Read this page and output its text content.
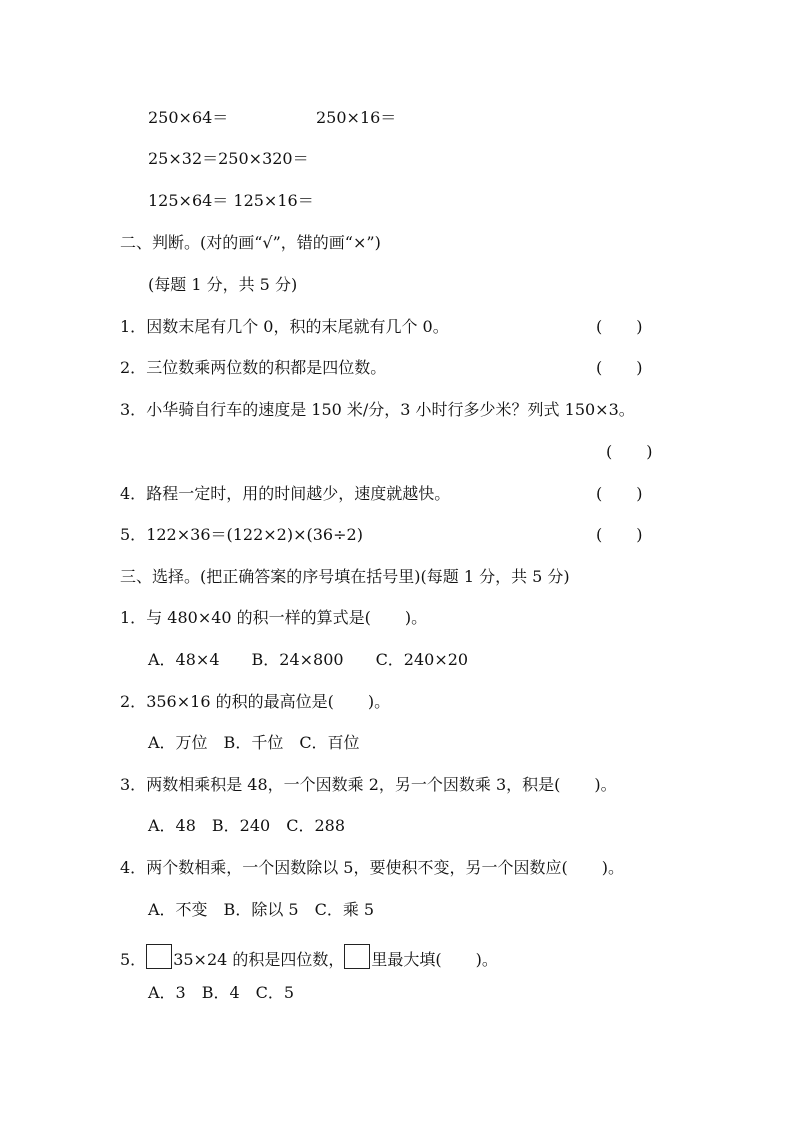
250×64＝	250×16＝
25×32＝250×320＝
125×64＝ 125×16＝
二、判断。(对的画“√”，错的画“×”)
(每题 1 分，共 5 分)
1．因数末尾有几个 0，积的末尾就有几个 0。	( )
2．三位数乘两位数的积都是四位数。	( )
3．小华骑自行车的速度是 150 米/分，3 小时行多少米？列式 150×3。
( )
4．路程一定时，用的时间越少，速度就越快。	( )
5．122×36＝(122×2)×(36÷2)	( )
三、选择。(把正确答案的序号填在括号里)(每题 1 分，共 5 分)
1．与 480×40 的积一样的算式是( )。
A．48×4　　B．24×800　　C．240×20
2．356×16 的积的最高位是( )。
A．万位　B．千位　C．百位
3．两数相乘积是 48，一个因数乘 2，另一个因数乘 3，积是( )。
A．48　B．240　C．288
4．两个数相乘，一个因数除以 5，要使积不变，另一个因数应( )。
A．不变　B．除以 5　C．乘 5
5． 35×24 的积是四位数， 里最大填( )。
A．3　B．4　C．5
